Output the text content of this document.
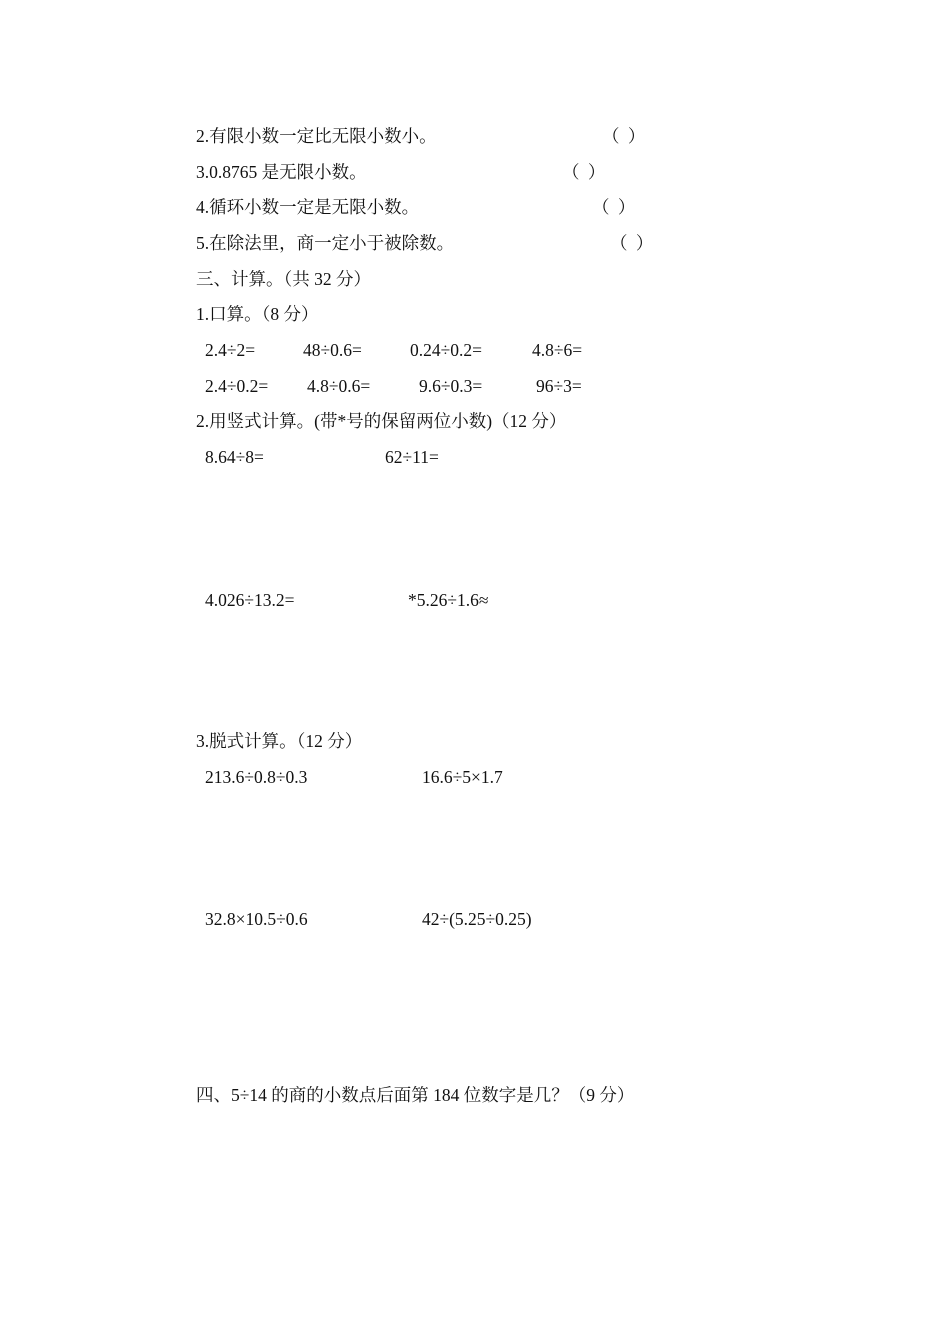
2.有限小数一定比无限小数小。	（ ）
3.0.8765 是无限小数。	（ ）
4.循环小数一定是无限小数。	（ ）
5.在除法里，商一定小于被除数。	（ ）
三、计算。（共 32 分）
1.口算。（8 分）
2.4÷2=	48÷0.6=	0.24÷0.2=	4.8÷6=
2.4÷0.2= 4.8÷0.6=	9.6÷0.3=	96÷3=
2.用竖式计算。(带*号的保留两位小数)（12 分）
8.64÷8=	62÷11=
4.026÷13.2=	*5.26÷1.6≈
3.脱式计算。（12 分）
213.6÷0.8÷0.3	16.6÷5×1.7
32.8×10.5÷0.6	42÷(5.25÷0.25)
四、5÷14 的商的小数点后面第 184 位数字是几？（9 分）
